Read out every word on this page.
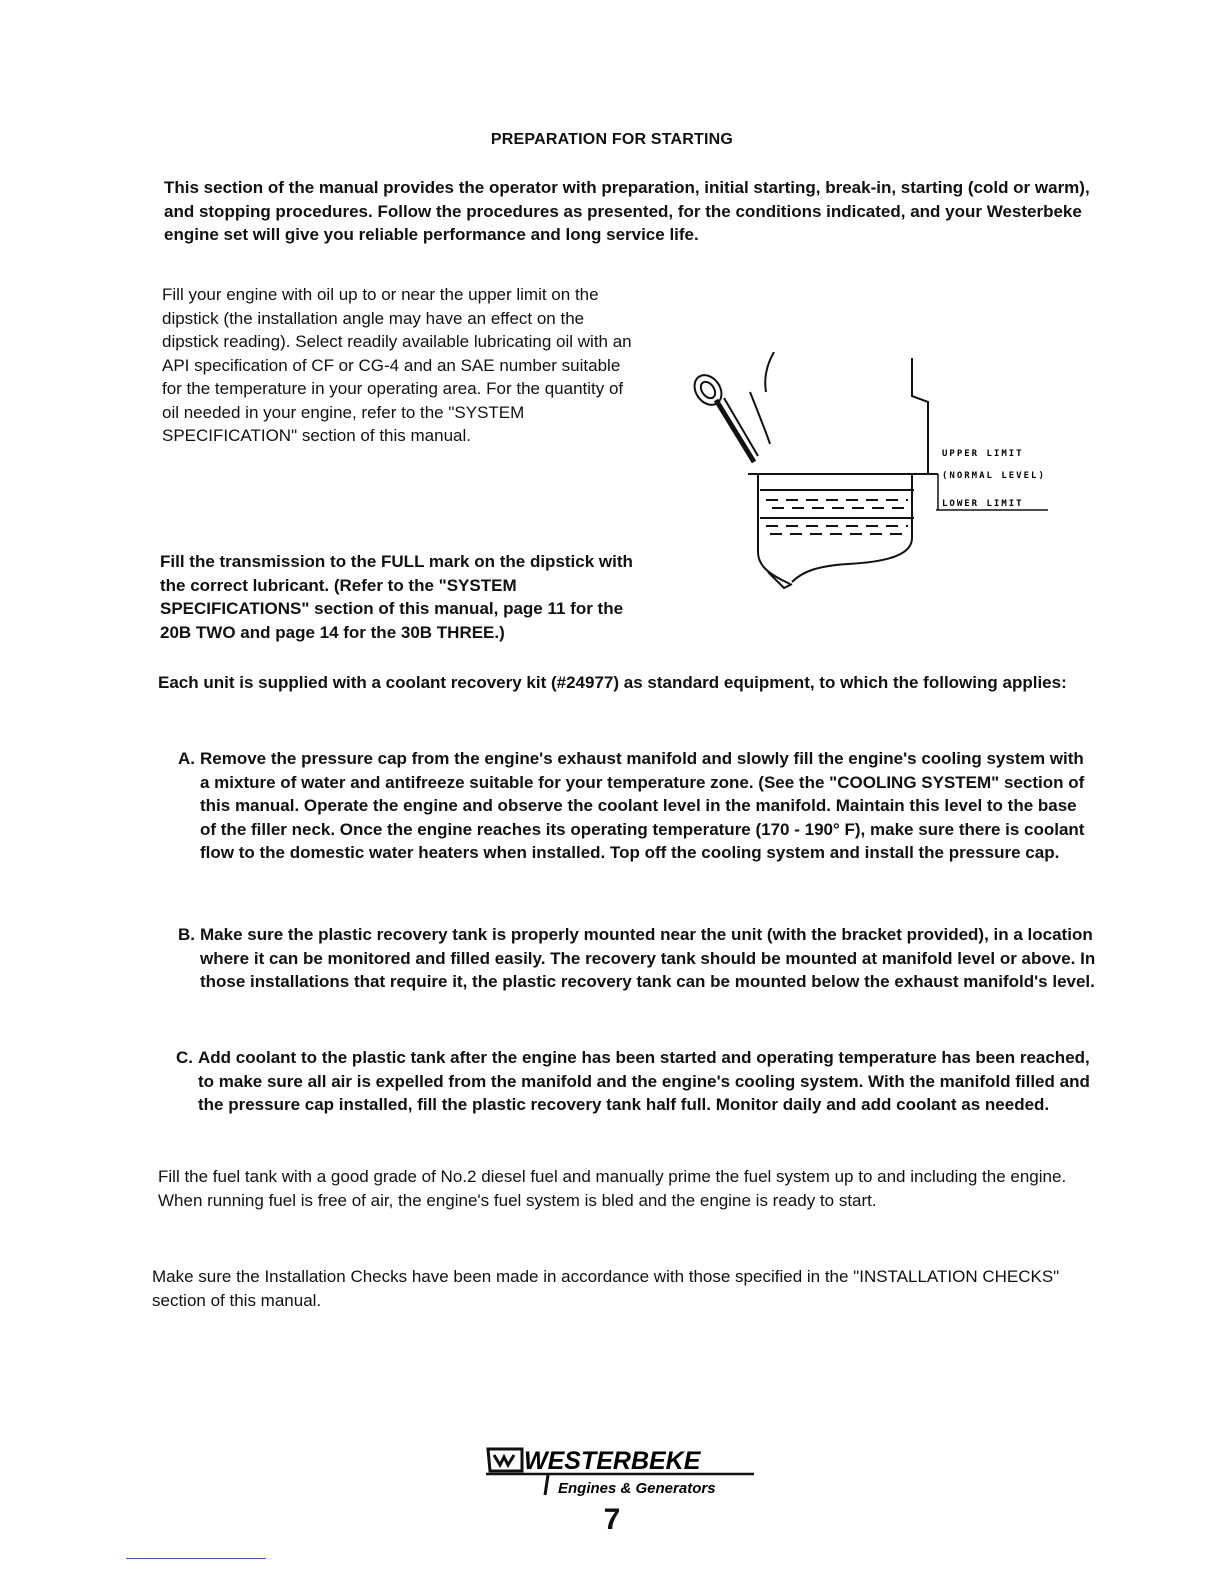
PREPARATION FOR STARTING
This section of the manual provides the operator with preparation, initial starting, break-in, starting (cold or warm), and stopping procedures. Follow the procedures as presented, for the conditions indicated, and your Westerbeke engine set will give you reliable performance and long service life.
Fill your engine with oil up to or near the upper limit on the dipstick (the installation angle may have an effect on the dipstick reading). Select readily available lubricating oil with an API specification of CF or CG-4 and an SAE number suitable for the temperature in your operating area. For the quantity of oil needed in your engine, refer to the "SYSTEM SPECIFICATION" section of this manual.
UPPER LIMIT
(NORMAL LEVEL)
LOWER LIMIT
Fill the transmission to the FULL mark on the dipstick with the correct lubricant. (Refer to the "SYSTEM SPECIFICATIONS" section of this manual, page 11 for the 20B TWO and page 14 for the 30B THREE.)
Each unit is supplied with a coolant recovery kit (#24977) as standard equipment, to which the following applies:
A. Remove the pressure cap from the engine's exhaust manifold and slowly fill the engine's cooling system with a mixture of water and antifreeze suitable for your temperature zone. (See the "COOLING SYSTEM" section of this manual. Operate the engine and observe the coolant level in the manifold. Maintain this level to the base of the filler neck. Once the engine reaches its operating temperature (170 - 190° F), make sure there is coolant flow to the domestic water heaters when installed. Top off the cooling system and install the pressure cap.
B. Make sure the plastic recovery tank is properly mounted near the unit (with the bracket provided), in a location where it can be monitored and filled easily. The recovery tank should be mounted at manifold level or above. In those installations that require it, the plastic recovery tank can be mounted below the exhaust manifold's level.
C. Add coolant to the plastic tank after the engine has been started and operating temperature has been reached, to make sure all air is expelled from the manifold and the engine's cooling system. With the manifold filled and the pressure cap installed, fill the plastic recovery tank half full. Monitor daily and add coolant as needed.
Fill the fuel tank with a good grade of No.2 diesel fuel and manually prime the fuel system up to and including the engine. When running fuel is free of air, the engine's fuel system is bled and the engine is ready to start.
Make sure the Installation Checks have been made in accordance with those specified in the "INSTALLATION CHECKS" section of this manual.
WESTERBEKE
Engines & Generators
7
